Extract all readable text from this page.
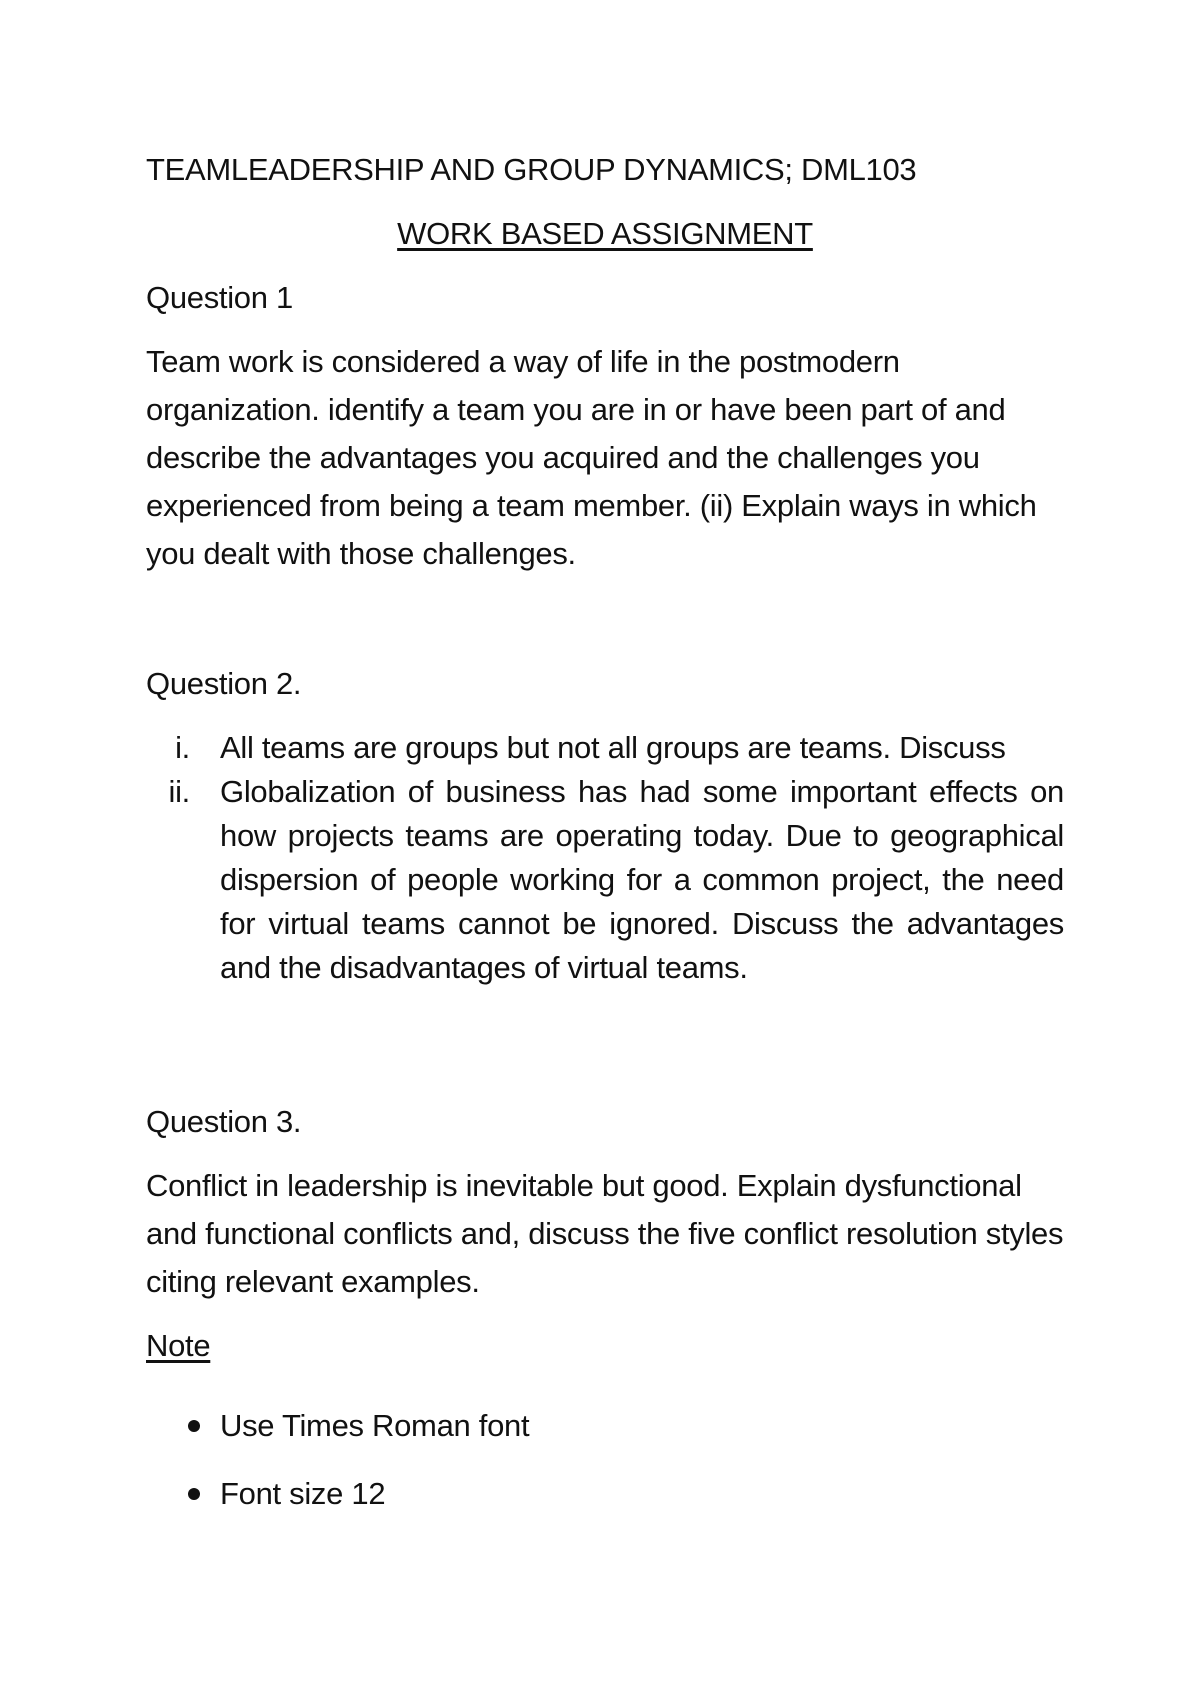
TEAMLEADERSHIP AND GROUP DYNAMICS; DML103
WORK BASED ASSIGNMENT
Question 1

Team work is considered a way of life in the postmodern organization. identify a team you are in or have been part of and describe the advantages you acquired and the challenges you experienced from being a team member. (ii) Explain ways in which you dealt with those challenges.

Question 2.
i. All teams are groups but not all groups are teams. Discuss
ii. Globalization of business has had some important effects on how projects teams are operating today. Due to geographical dispersion of people working for a common project, the need for virtual teams cannot be ignored. Discuss the advantages and the disadvantages of virtual teams.
Question 3.

Conflict in leadership is inevitable but good. Explain dysfunctional and functional conflicts and, discuss the five conflict resolution styles citing relevant examples.

Note
Use Times Roman font
Font size 12
